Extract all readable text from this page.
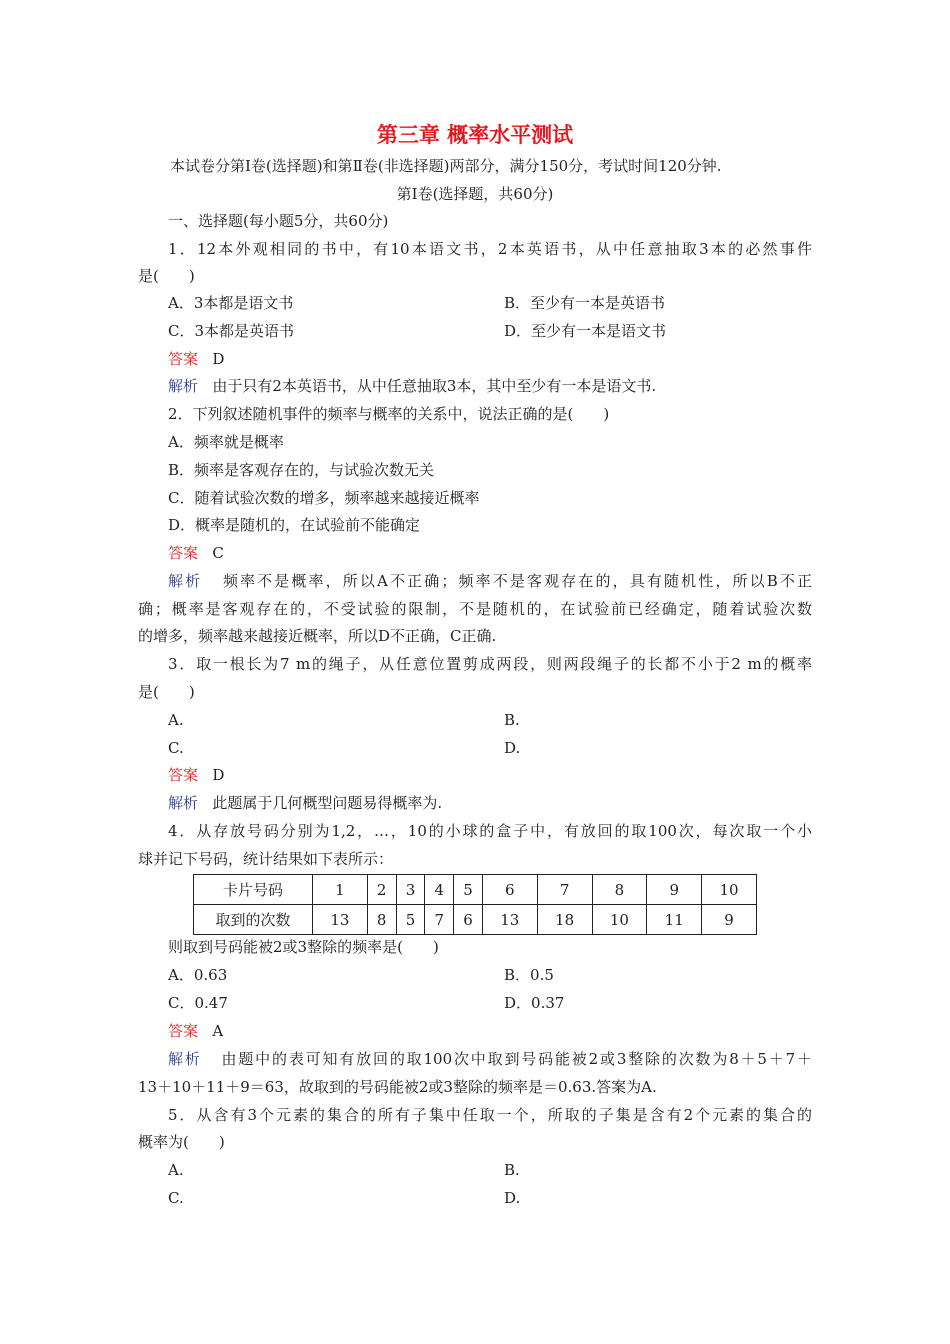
第三章 概率水平测试
本试卷分第Ⅰ卷(选择题)和第Ⅱ卷(非选择题)两部分，满分150分，考试时间120分钟.
第Ⅰ卷(选择题，共60分)
一、选择题(每小题5分，共60分)
1．12本外观相同的书中，有10本语文书，2本英语书，从中任意抽取3本的必然事件
是(　　)
A．3本都是语文书	B．至少有一本是英语书
C．3本都是英语书	D．至少有一本是语文书
答案 D
解析 由于只有2本英语书，从中任意抽取3本，其中至少有一本是语文书.
2．下列叙述随机事件的频率与概率的关系中，说法正确的是(　　)
A．频率就是概率
B．频率是客观存在的，与试验次数无关
C．随着试验次数的增多，频率越来越接近概率
D．概率是随机的，在试验前不能确定
答案 C
解析 频率不是概率，所以A不正确；频率不是客观存在的，具有随机性，所以B不正
确；概率是客观存在的，不受试验的限制，不是随机的，在试验前已经确定，随着试验次数
的增多，频率越来越接近概率，所以D不正确，C正确.
3．取一根长为7 m的绳子，从任意位置剪成两段，则两段绳子的长都不小于2 m的概率
是(　　)
A.	B.
C.	D.
答案 D
解析 此题属于几何概型问题易得概率为.
4．从存放号码分别为1,2，…，10的小球的盒子中，有放回的取100次，每次取一个小
球并记下号码，统计结果如下表所示：
卡片号码	1	2	3	4	5	6	7	8	9	10
取到的次数	13	8	5	7	6	13	18	10	11	9
则取到号码能被2或3整除的频率是(　　)
A．0.63	B．0.5
C．0.47	D．0.37
答案 A
解析 由题中的表可知有放回的取100次中取到号码能被2或3整除的次数为8＋5＋7＋
13＋10＋11＋9＝63，故取到的号码能被2或3整除的频率是＝0.63.答案为A.
5．从含有3个元素的集合的所有子集中任取一个，所取的子集是含有2个元素的集合的
概率为(　　)
A.	B.
C.	D.
